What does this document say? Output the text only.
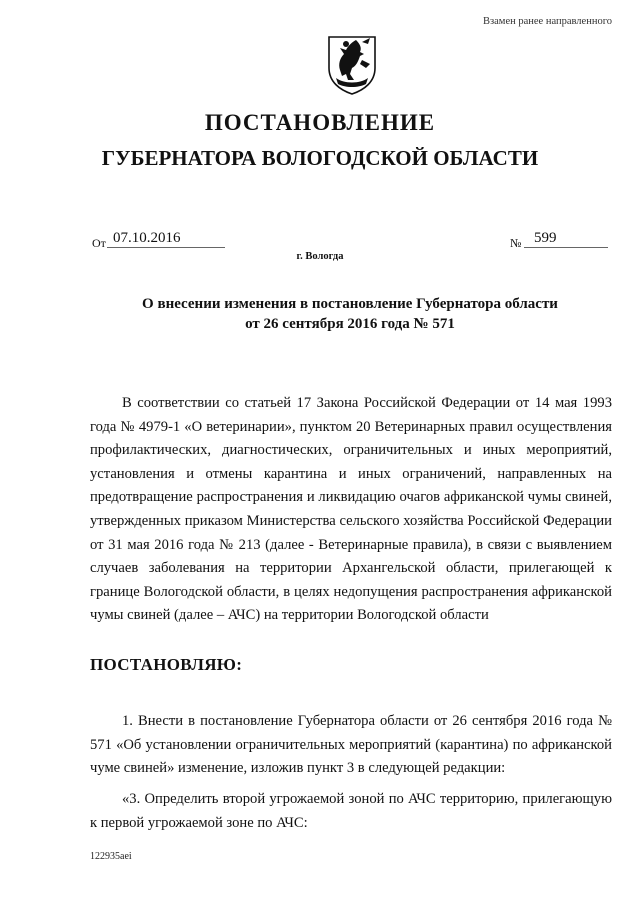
Взамен ранее направленного
ПОСТАНОВЛЕНИЕ
ГУБЕРНАТОРА ВОЛОГОДСКОЙ ОБЛАСТИ
От 07.10.2016	№ 599
г. Вологда
О внесении изменения в постановление Губернатора области
от 26 сентября 2016 года № 571

В соответствии со статьей 17 Закона Российской Федерации от 14 мая 1993 года № 4979-1 «О ветеринарии», пунктом 20 Ветеринарных правил осуществления профилактических, диагностических, ограничительных и иных мероприятий, установления и отмены карантина и иных ограничений, направленных на предотвращение распространения и ликвидацию очагов африканской чумы свиней, утвержденных приказом Министерства сельского хозяйства Российской Федерации от 31 мая 2016 года № 213 (далее - Ветеринарные правила), в связи с выявлением случаев заболевания на территории Архангельской области, прилегающей к границе Вологодской области, в целях недопущения распространения африканской чумы свиней (далее – АЧС) на территории Вологодской области

ПОСТАНОВЛЯЮ:

1. Внести в постановление Губернатора области от 26 сентября 2016 года № 571 «Об установлении ограничительных мероприятий (карантина) по африканской чуме свиней» изменение, изложив пункт 3 в следующей редакции:

«3. Определить второй угрожаемой зоной по АЧС территорию, прилегающую к первой угрожаемой зоне по АЧС:

122935aei
